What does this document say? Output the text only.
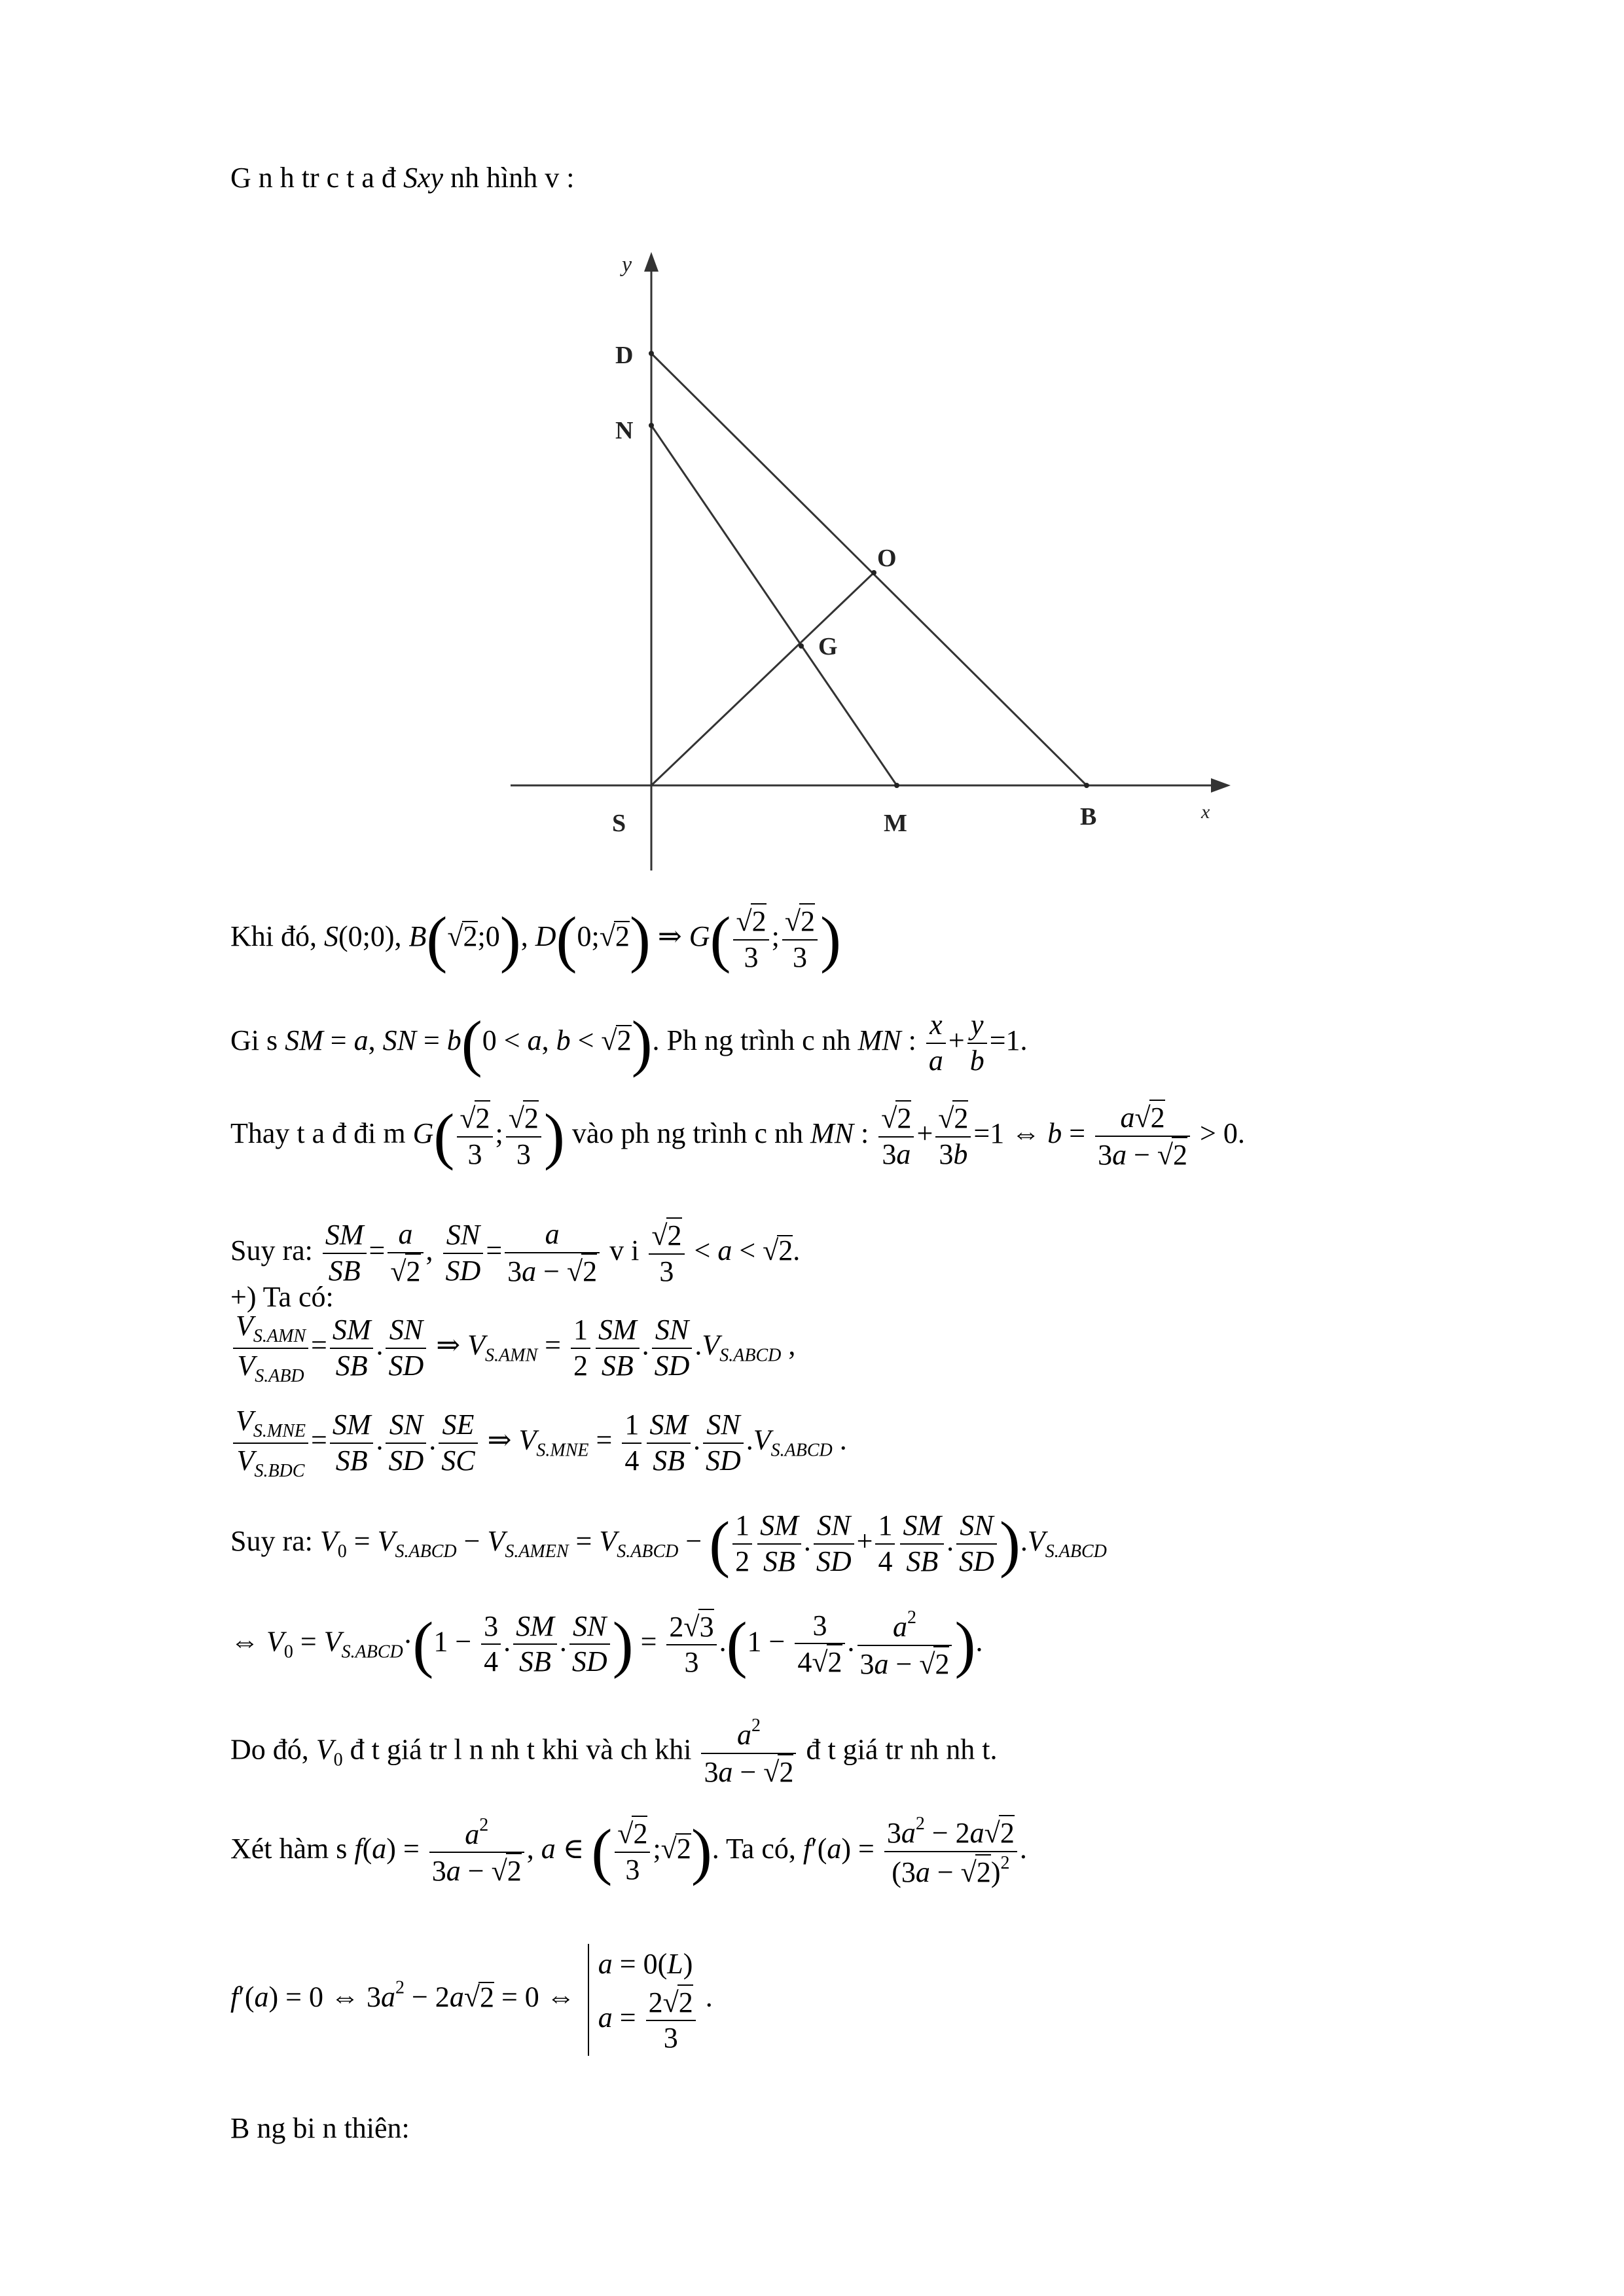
G n h tr c t a đ Sxy nh hình v :
y
D
N
O
G
S	M	B	x
Khi đó, S(0;0), B(√2;0), D(0;√2) ⇒ $G( \frac{√2}{3}$ ; $\frac{√2}{3}$ )
Gi s SM = a, SN = b(0 < a, b < √2). Ph ng trình c nh MN : $\frac{x}{a} + \frac{y}{b} =1$.
Thay t a đ đi m $G( \frac{√2}{3}$ ; $\frac{√2}{3}$ ) vào ph ng trình c nh MN : $\frac{√2}{3a} + \frac{√2}{3b} =1$ ⇔ $b = \frac{a√2}{3a - √2} > 0$.
Suy ra: $\frac{SM}{SB} = \frac{a}{√2}$ , $\frac{SN}{SD} = \frac{a}{3a - √2}$ v i $\frac{√2}{3} < a < √2$.
+) Ta có:
$\frac{V_{S.AMN}}{V_{S.ABD}} = \frac{SM}{SB}$ . $\frac{SN}{SD}$ ⇒ $V_{S.AMN} = \frac{1}{2} \frac{SM}{SB}$ . $\frac{SN}{SD} .V_{S.ABCD}$ ,
$\frac{V_{S.MNE}}{V_{S.BDC}} = \frac{SM}{SB}$ . $\frac{SN}{SD}$ . $\frac{SE}{SC}$ ⇒ $V_{S.MNE} = \frac{1}{4} \frac{SM}{SB}$ . $\frac{SN}{SD} .V_{S.ABCD}$ .
Suy ra: $V_0 = V_{S.ABCD} - V_{S.AMEN} = V_{S.ABCD}$ − ( $\frac{1}{2} \frac{SM}{SB}$ . $\frac{SN}{SD} + \frac{1}{4} \frac{SM}{SB}$ . $\frac{SN}{SD} ).V_{S.ABCD}$
⇔ $V_0 = V_{S.ABCD}\cdot(1 - \frac{3}{4}$ . $\frac{SM}{SB}$ . $\frac{SN}{SD}$ ) = $\frac{2√3}{3} .(1 - \frac{3}{4√2}$ . $\frac{a^2}{3a - √2}$ ).
Do đó, $V_0$ đ t giá tr l n nh t khi và ch khi $\frac{a^2}{3a - √2}$ đ t giá tr nh nh t.
Xét hàm s $f(a) = \frac{a^2}{3a - √2}$ , a ∈ ( $\frac{√2}{3}$ ;√2). Ta có, $f'(a) = \frac{3a^2 - 2a√2}{(3a - √2)^2}$ .
f′(a) = 0 ⇔ $3a^2 - 2a√2 = 0$ ⇔
a = 0(L)
$a = \frac{2√2}{3}$ .
B ng bi n thiên:
